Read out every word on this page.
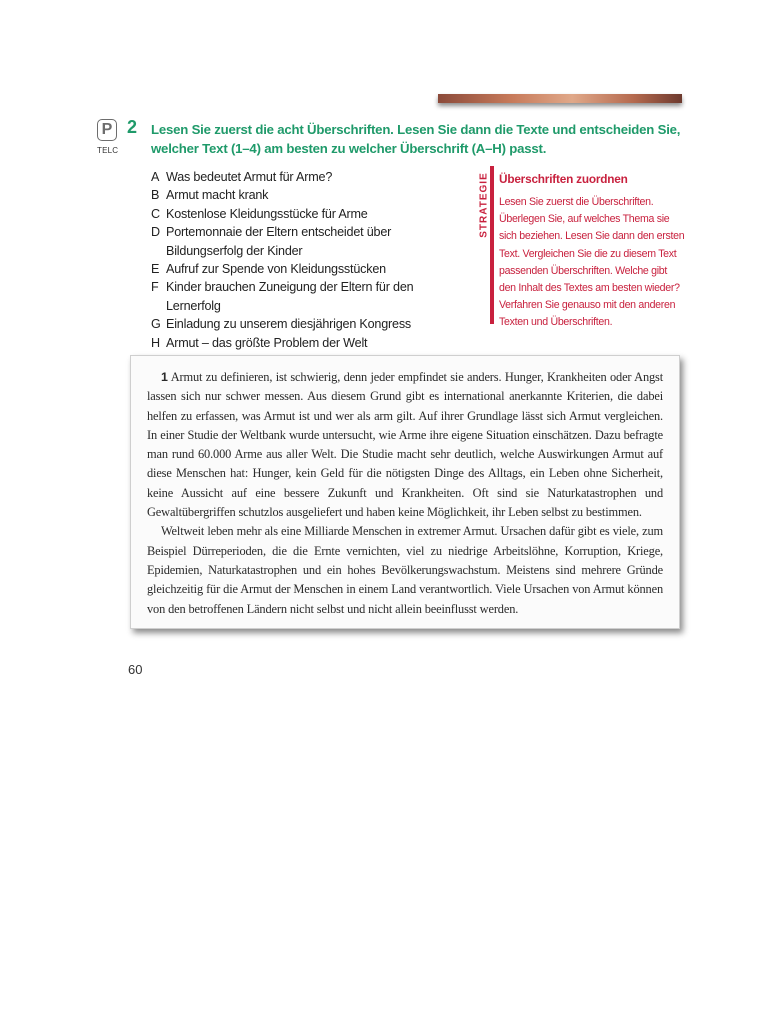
P
TELC
2 Lesen Sie zuerst die acht Überschriften. Lesen Sie dann die Texte und entscheiden Sie, welcher Text (1–4) am besten zu welcher Überschrift (A–H) passt.
A Was bedeutet Armut für Arme?
B Armut macht krank
C Kostenlose Kleidungsstücke für Arme
D Portemonnaie der Eltern entscheidet über Bildungserfolg der Kinder
E Aufruf zur Spende von Kleidungsstücken
F Kinder brauchen Zuneigung der Eltern für den Lernerfolg
G Einladung zu unserem diesjährigen Kongress
H Armut – das größte Problem der Welt
STRATEGIE Überschriften zuordnen
Lesen Sie zuerst die Überschriften. Überlegen Sie, auf welches Thema sie sich beziehen. Lesen Sie dann den ersten Text. Vergleichen Sie die zu diesem Text passenden Überschriften. Welche gibt den Inhalt des Textes am besten wieder? Verfahren Sie genauso mit den anderen Texten und Überschriften.

1 Armut zu definieren, ist schwierig, denn jeder empfindet sie anders. Hunger, Krankheiten oder Angst lassen sich nur schwer messen. Aus diesem Grund gibt es international anerkannte Kriterien, die dabei helfen zu erfassen, was Armut ist und wer als arm gilt. Auf ihrer Grundlage lässt sich Armut vergleichen. In einer Studie der Weltbank wurde untersucht, wie Arme ihre eigene Situation einschätzen. Dazu befragte man rund 60.000 Arme aus aller Welt. Die Studie macht sehr deutlich, welche Auswirkungen Armut auf diese Menschen hat: Hunger, kein Geld für die nötigsten Dinge des Alltags, ein Leben ohne Sicherheit, keine Aussicht auf eine bessere Zukunft und Krankheiten. Oft sind sie Naturkatastrophen und Gewaltübergriffen schutzlos ausgeliefert und haben keine Möglichkeit, ihr Leben selbst zu bestimmen.

Weltweit leben mehr als eine Milliarde Menschen in extremer Armut. Ursachen dafür gibt es viele, zum Beispiel Dürreperioden, die die Ernte vernichten, viel zu niedrige Arbeitslöhne, Korruption, Kriege, Epidemien, Naturkatastrophen und ein hohes Bevölkerungswachstum. Meistens sind mehrere Gründe gleichzeitig für die Armut der Menschen in einem Land verantwortlich. Viele Ursachen von Armut können von den betroffenen Ländern nicht selbst und nicht allein beeinflusst werden.

60
